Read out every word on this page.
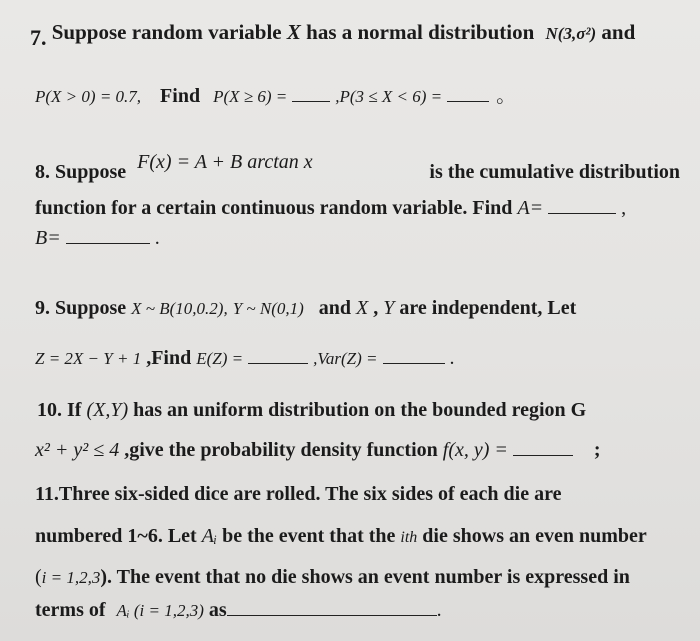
7. Suppose random variable X has a normal distribution $^{N(3,\sigma^2)}$ and
P(X > 0) = 0.7, Find P(X ≥ 6) =	,P(3 ≤ X < 6) =	。
8. Suppose F(x) = A + B arctan x	is the cumulative distribution
function for a certain continuous random variable. Find A=	,
B=	.
9. Suppose X ~ B(10,0.2), Y ~ N(0,1) and X , Y are independent, Let
Z = 2X − Y + 1 ,Find E(Z) =	,Var(Z) =	.
10. If (X,Y) has an uniform distribution on the bounded region G
x² + y² ≤ 4 ,give the probability density function f(x, y) =	;
11.Three six-sided dice are rolled. The six sides of each die are
numbered 1~6. Let Aᵢ be the event that the ith die shows an even number
(i = 1,2,3). The event that no die shows an event number is expressed in
terms of Aᵢ (i = 1,2,3) as	.
